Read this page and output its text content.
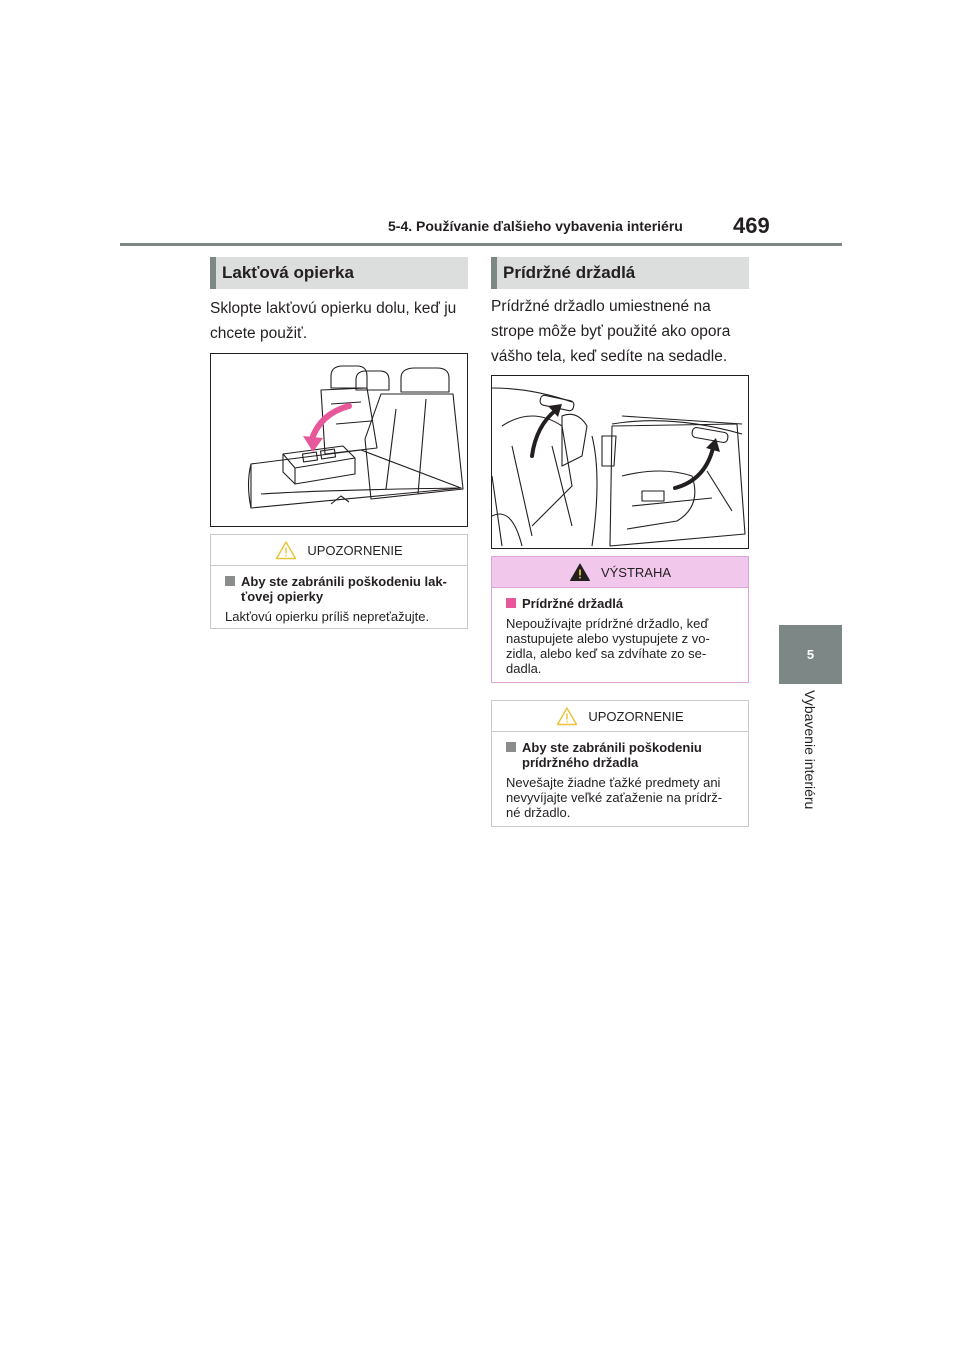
5-4. Používanie ďalšieho vybavenia interiéru 469
5
Vybavenie interiéru
Lakťová opierka
Sklopte lakťovú opierku dolu, keď ju
chcete použiť.
UPOZORNENIE
Aby ste zabránili poškodeniu lak-
ťovej opierky
Lakťovú opierku príliš nepreťažujte.
Prídržné držadlá
Prídržné držadlo umiestnené na
strope môže byť použité ako opora
vášho tela, keď sedíte na sedadle.
VÝSTRAHA
Prídržné držadlá
Nepoužívajte prídržné držadlo, keď
nastupujete alebo vystupujete z vo-
zidla, alebo keď sa zdvíhate zo se-
dadla.
UPOZORNENIE
Aby ste zabránili poškodeniu
prídržného držadla
Nevešajte žiadne ťažké predmety ani
nevyvíjajte veľké zaťaženie na prídrž-
né držadlo.
